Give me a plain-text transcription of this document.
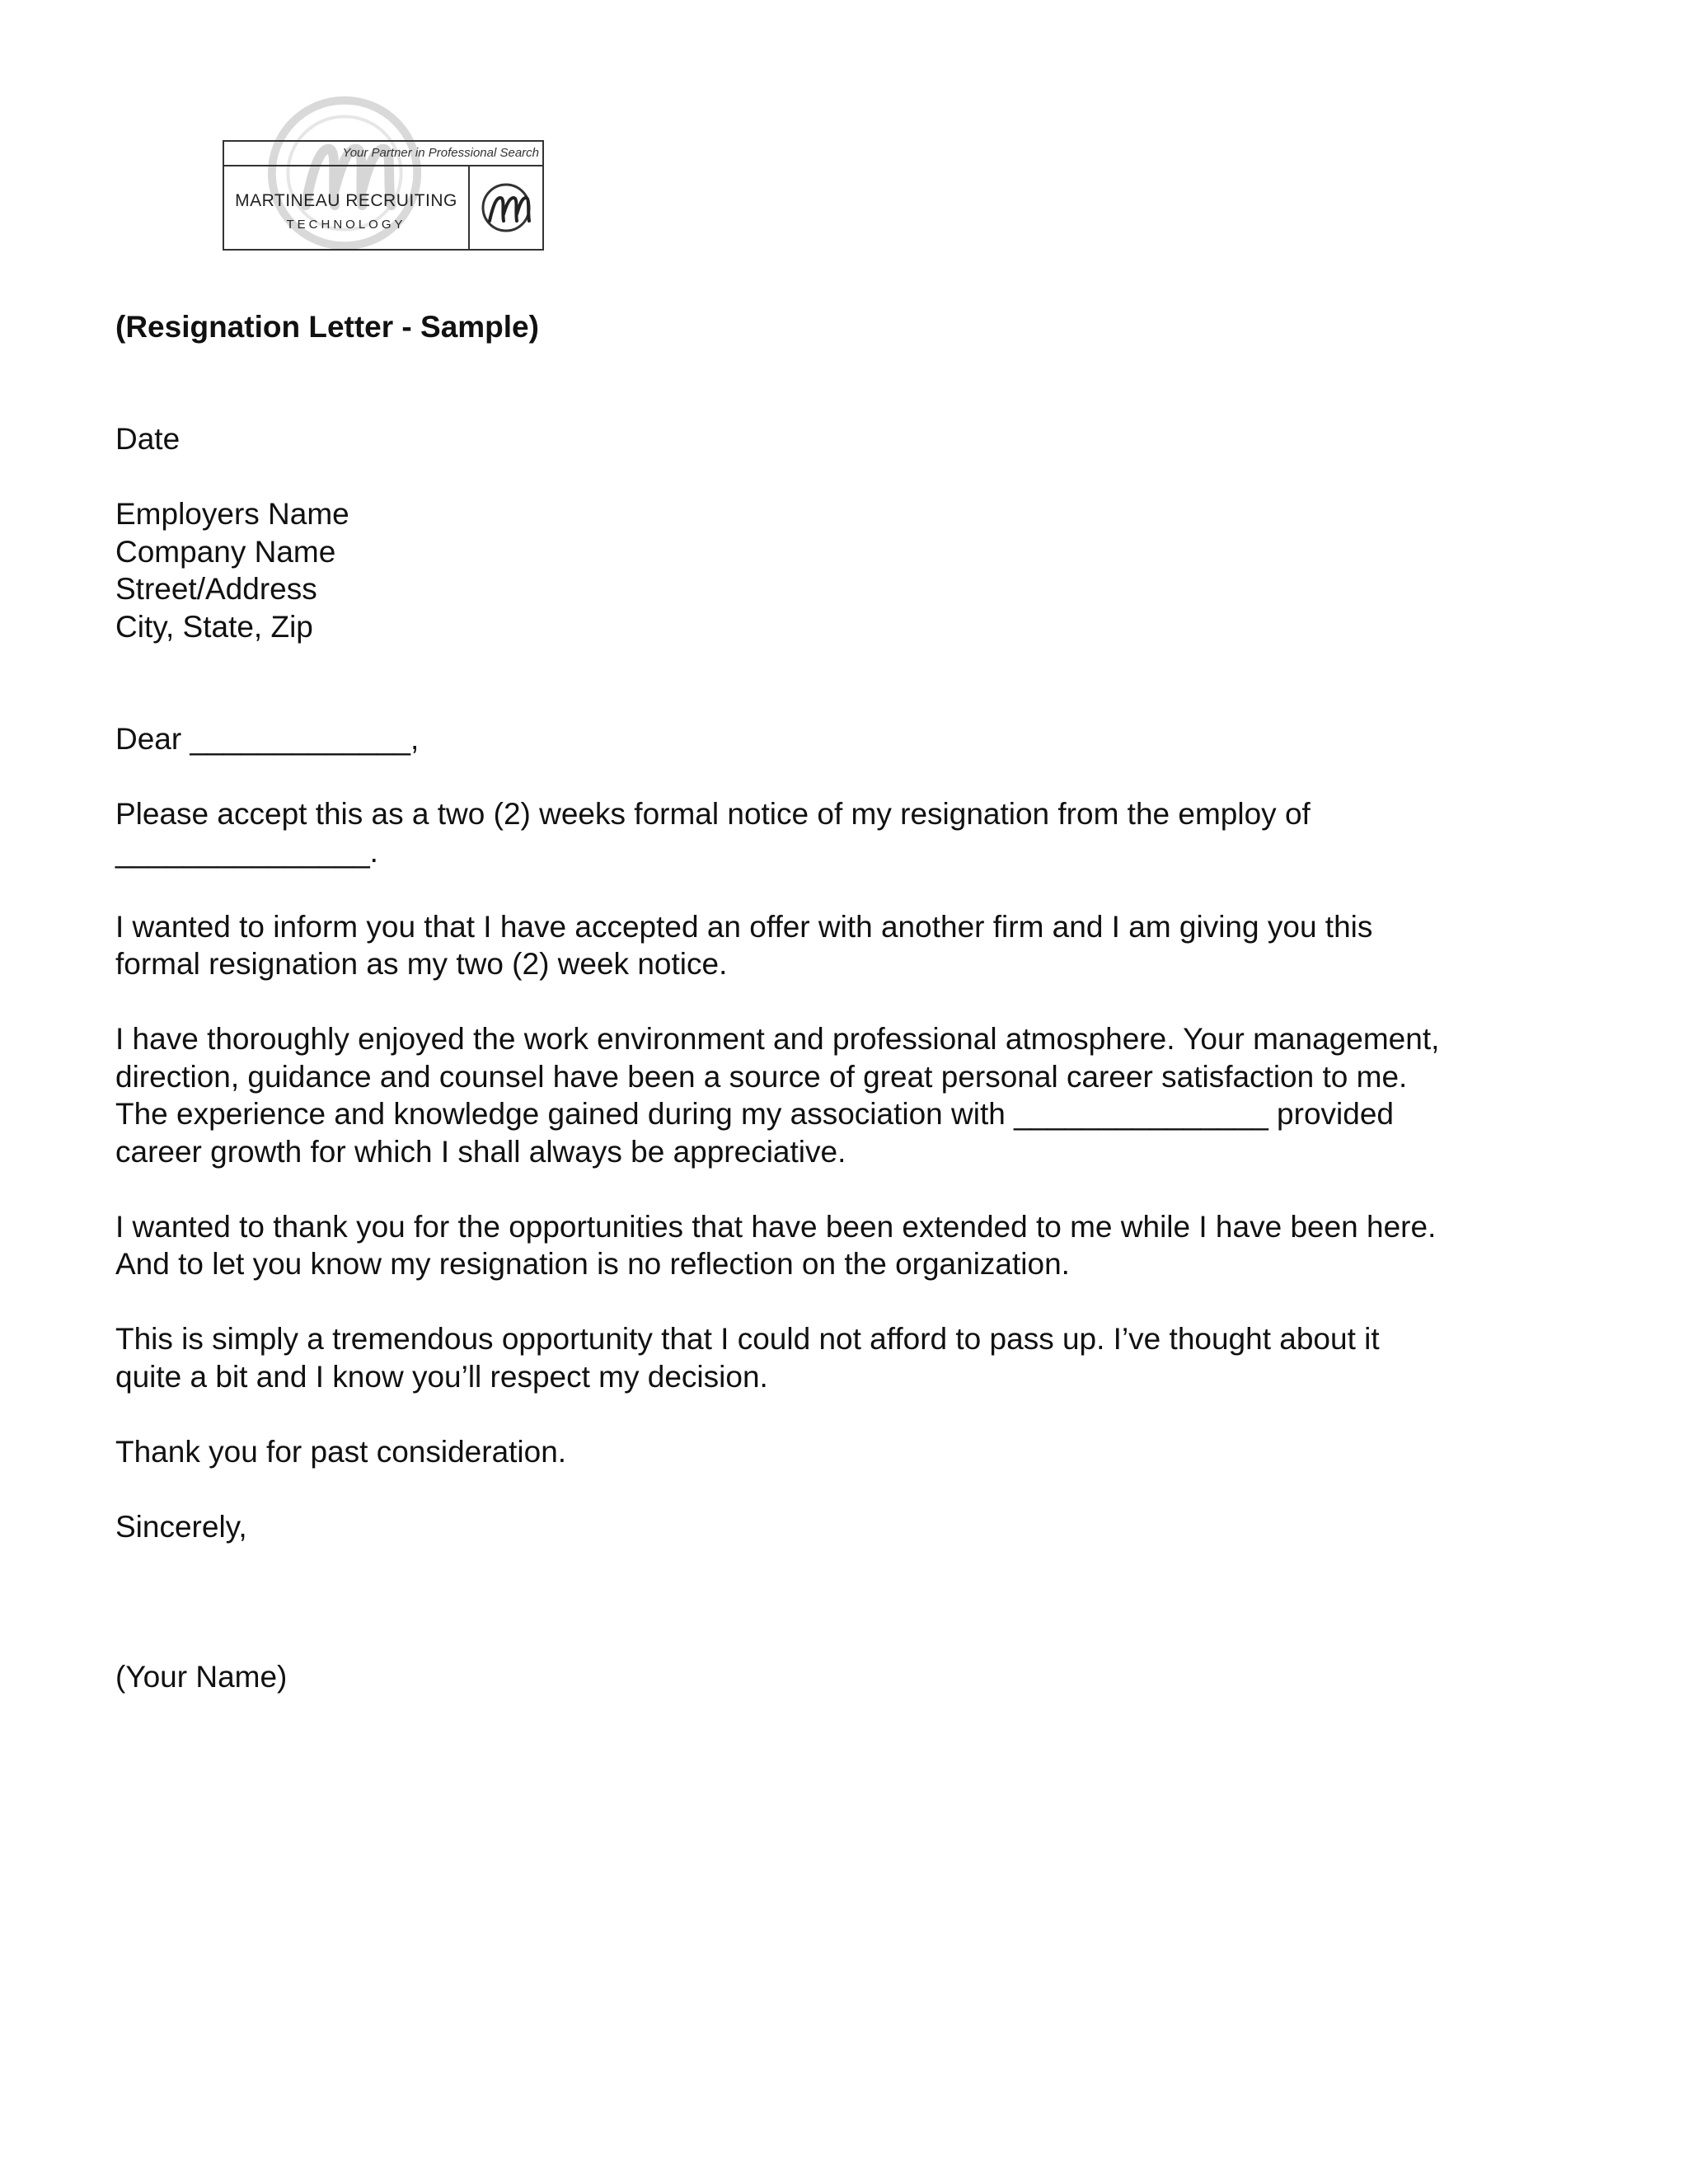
Your Partner in Professional Search
MARTINEAU RECRUITING
TECHNOLOGY

(Resignation Letter - Sample)

Date

Employers Name

Company Name

Street/Address

City, State, Zip

Dear _____________,

Please accept this as a two (2) weeks formal notice of my resignation from the employ of

_______________.

I wanted to inform you that I have accepted an offer with another firm and I am giving you this

formal resignation as my two (2) week notice.

I have thoroughly enjoyed the work environment and professional atmosphere. Your management,

direction, guidance and counsel have been a source of great personal career satisfaction to me.

The experience and knowledge gained during my association with _______________ provided

career growth for which I shall always be appreciative.

I wanted to thank you for the opportunities that have been extended to me while I have been here.

And to let you know my resignation is no reflection on the organization.

This is simply a tremendous opportunity that I could not afford to pass up. I’ve thought about it

quite a bit and I know you’ll respect my decision.

Thank you for past consideration.

Sincerely,

(Your Name)
